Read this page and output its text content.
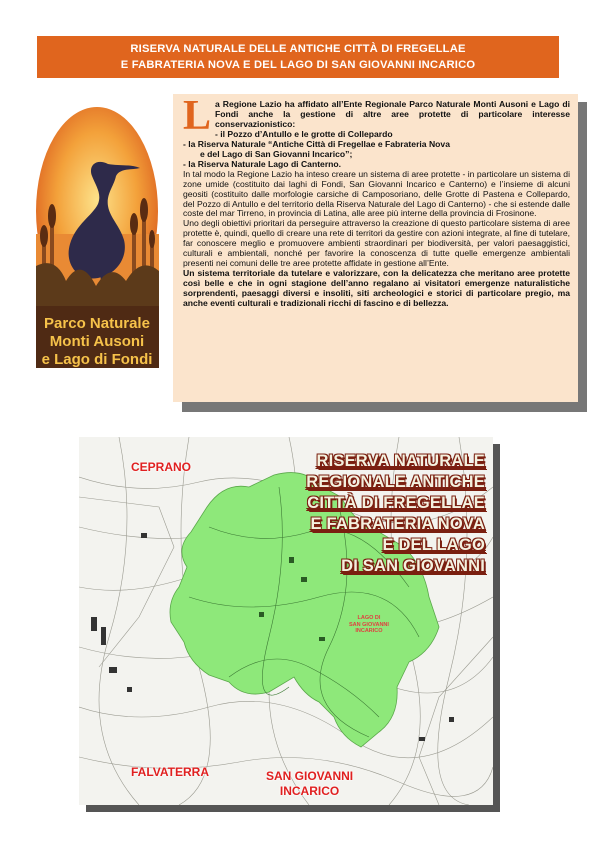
RISERVA NATURALE DELLE ANTICHE CITTÀ DI FREGELLAE
E FABRATERIA NOVA E DEL LAGO DI SAN GIOVANNI INCARICO
Parco Naturale
Monti Ausoni
e Lago di Fondi

L a Regione Lazio ha affidato all’Ente Regionale Parco Naturale Monti Ausoni e Lago di Fondi anche la gestione di altre aree protette di particolare interesse conservazionistico:

- il Pozzo d’Antullo e le grotte di Collepardo

- la Riserva Naturale “Antiche Città di Fregellae e Fabrateria Nova

e del Lago di San Giovanni Incarico”;

- la Riserva Naturale Lago di Canterno.

In tal modo la Regione Lazio ha inteso creare un sistema di aree protette - in particolare un sistema di zone umide (costituito dai laghi di Fondi, San Giovanni Incarico e Canterno) e l’insieme di alcuni geositi (costituito dalle morfologie carsiche di Camposoriano, delle Grotte di Pastena e Collepardo, del Pozzo di Antullo e del territorio della Riserva Naturale del Lago di Canterno) - che si estende dalle coste del mar Tirreno, in provincia di Latina, alle aree più interne della provincia di Frosinone.

Uno degli obiettivi prioritari da perseguire attraverso la creazione di questo particolare sistema di aree protette è, quindi, quello di creare una rete di territori da gestire con azioni integrate, al fine di tutelare, far conoscere meglio e promuovere ambienti straordinari per biodiversità, per valori paesaggistici, culturali e ambientali, nonché per favorire la conoscenza di tutte quelle emergenze ambientali presenti nei comuni delle tre aree protette affidate in gestione all’Ente.

Un sistema territoriale da tutelare e valorizzare, con la delicatezza che meritano aree protette così belle e che in ogni stagione dell’anno regalano ai visitatori emergenze naturalistiche sorprendenti, paesaggi diversi e insoliti, siti archeologici e storici di particolare pregio, ma anche eventi culturali e tradizionali ricchi di fascino e di bellezza.

RISERVA NATURALE
REGIONALE ANTICHE
CITTÀ DI FREGELLAE
E FABRATERIA NOVA
E DEL LAGO
DI SAN GIOVANNI
CEPRANO
FALVATERRA	SAN GIOVANNI
INCARICO
LAGO DI
SAN GIOVANNI
INCARICO
